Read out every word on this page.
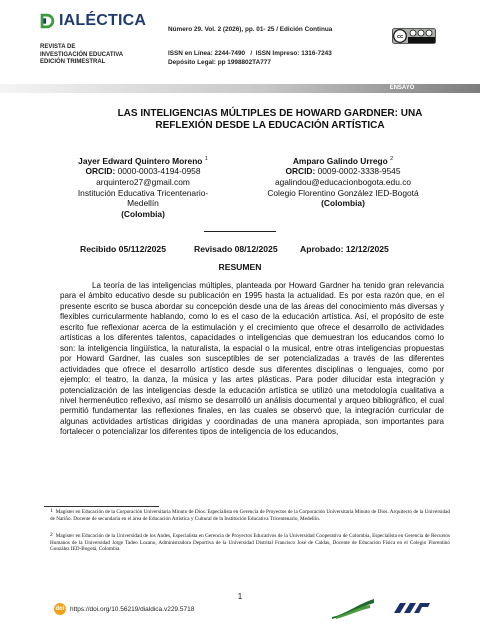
IALÉCTICA
REVISTA DE
INVESTIGACIÓN EDUCATIVA
EDICIÓN TRIMESTRAL
Número 29. Vol. 2 (2026), pp. 01- 25 / Edición Continua
ISSN en Línea: 2244-7490   /  ISSN Impreso: 1316-7243
Depósito Legal: pp 1998802TA777
cc
ENSAYO
LAS INTELIGENCIAS MÚLTIPLES DE HOWARD GARDNER: UNA
REFLEXIÓN DESDE LA EDUCACIÓN ARTÍSTICA
Jayer Edward Quintero Moreno $^1$
ORCID: 0000-0003-4194-0958
arquintero27@gmail.com
Institución Educativa Tricentenario-
Medellín
(Colombia)
Amparo Galindo Urrego $^2$
ORCID: 0009-0002-3338-9545
agalindou@educacionbogota.edu.co
Colegio Florentino González IED-Bogotá
(Colombia)
Recibido 05/112/2025	Revisado 08/12/2025	Aprobado: 12/12/2025
RESUMEN

La teoría de las inteligencias múltiples, planteada por Howard Gardner ha tenido gran relevancia para el ámbito educativo desde su publicación en 1995 hasta la actualidad. Es por esta razón que, en el presente escrito se busca abordar su concepción desde una de las áreas del conocimiento más diversas y flexibles curricularmente hablando, como lo es el caso de la educación artística. Así, el propósito de este escrito fue reflexionar acerca de la estimulación y el crecimiento que ofrece el desarrollo de actividades artísticas a los diferentes talentos, capacidades o inteligencias que demuestran los educandos como lo son: la inteligencia lingüística, la naturalista, la espacial o la musical, entre otras inteligencias propuestas por Howard Gardner, las cuales son susceptibles de ser potencializadas a través de las diferentes actividades que ofrece el desarrollo artístico desde sus diferentes disciplinas o lenguajes, como por ejemplo: el teatro, la danza, la música y las artes plásticas. Para poder dilucidar esta integración y potencialización de las inteligencias desde la educación artística se utilizó una metodología cualitativa a nivel hermenéutico reflexivo, así mismo se desarrolló un análisis documental y arqueo bibliográfico, el cual permitió fundamentar las reflexiones finales, en las cuales se observó que, la integración curricular de algunas actividades artísticas dirigidas y coordinadas de una manera apropiada, son importantes para fortalecer o potencializar los diferentes tipos de inteligencia de los educandos,

1 Magíster en Educación de la Corporación Universitaria Minuto de Dios. Especialista en Gerencia de Proyectos de la Corporación Universitaria Minuto de Dios. Arquitecto de la Universidad de Nariño. Docente de secundaria en el área de Educación Artística y Cultural de la Institución Educativa Tricentenario, Medellín.
2 Magíster en Educación de la Universidad de los Andes, Especialista en Gerencia de Proyectos Educativos de la Universidad Cooperativa de Colombia, Especialista en Gerencia de Recursos Humanos de la Universidad Jorge Tadeo Lozano, Administradora Deportiva de la Universidad Distrital Francisco José de Caldas, Docente de Educación Física en el Colegio Florentino González IED-Bogotá, Colombia.
1
doi https://doi.org/10.56219/dialdica.v229.5718
